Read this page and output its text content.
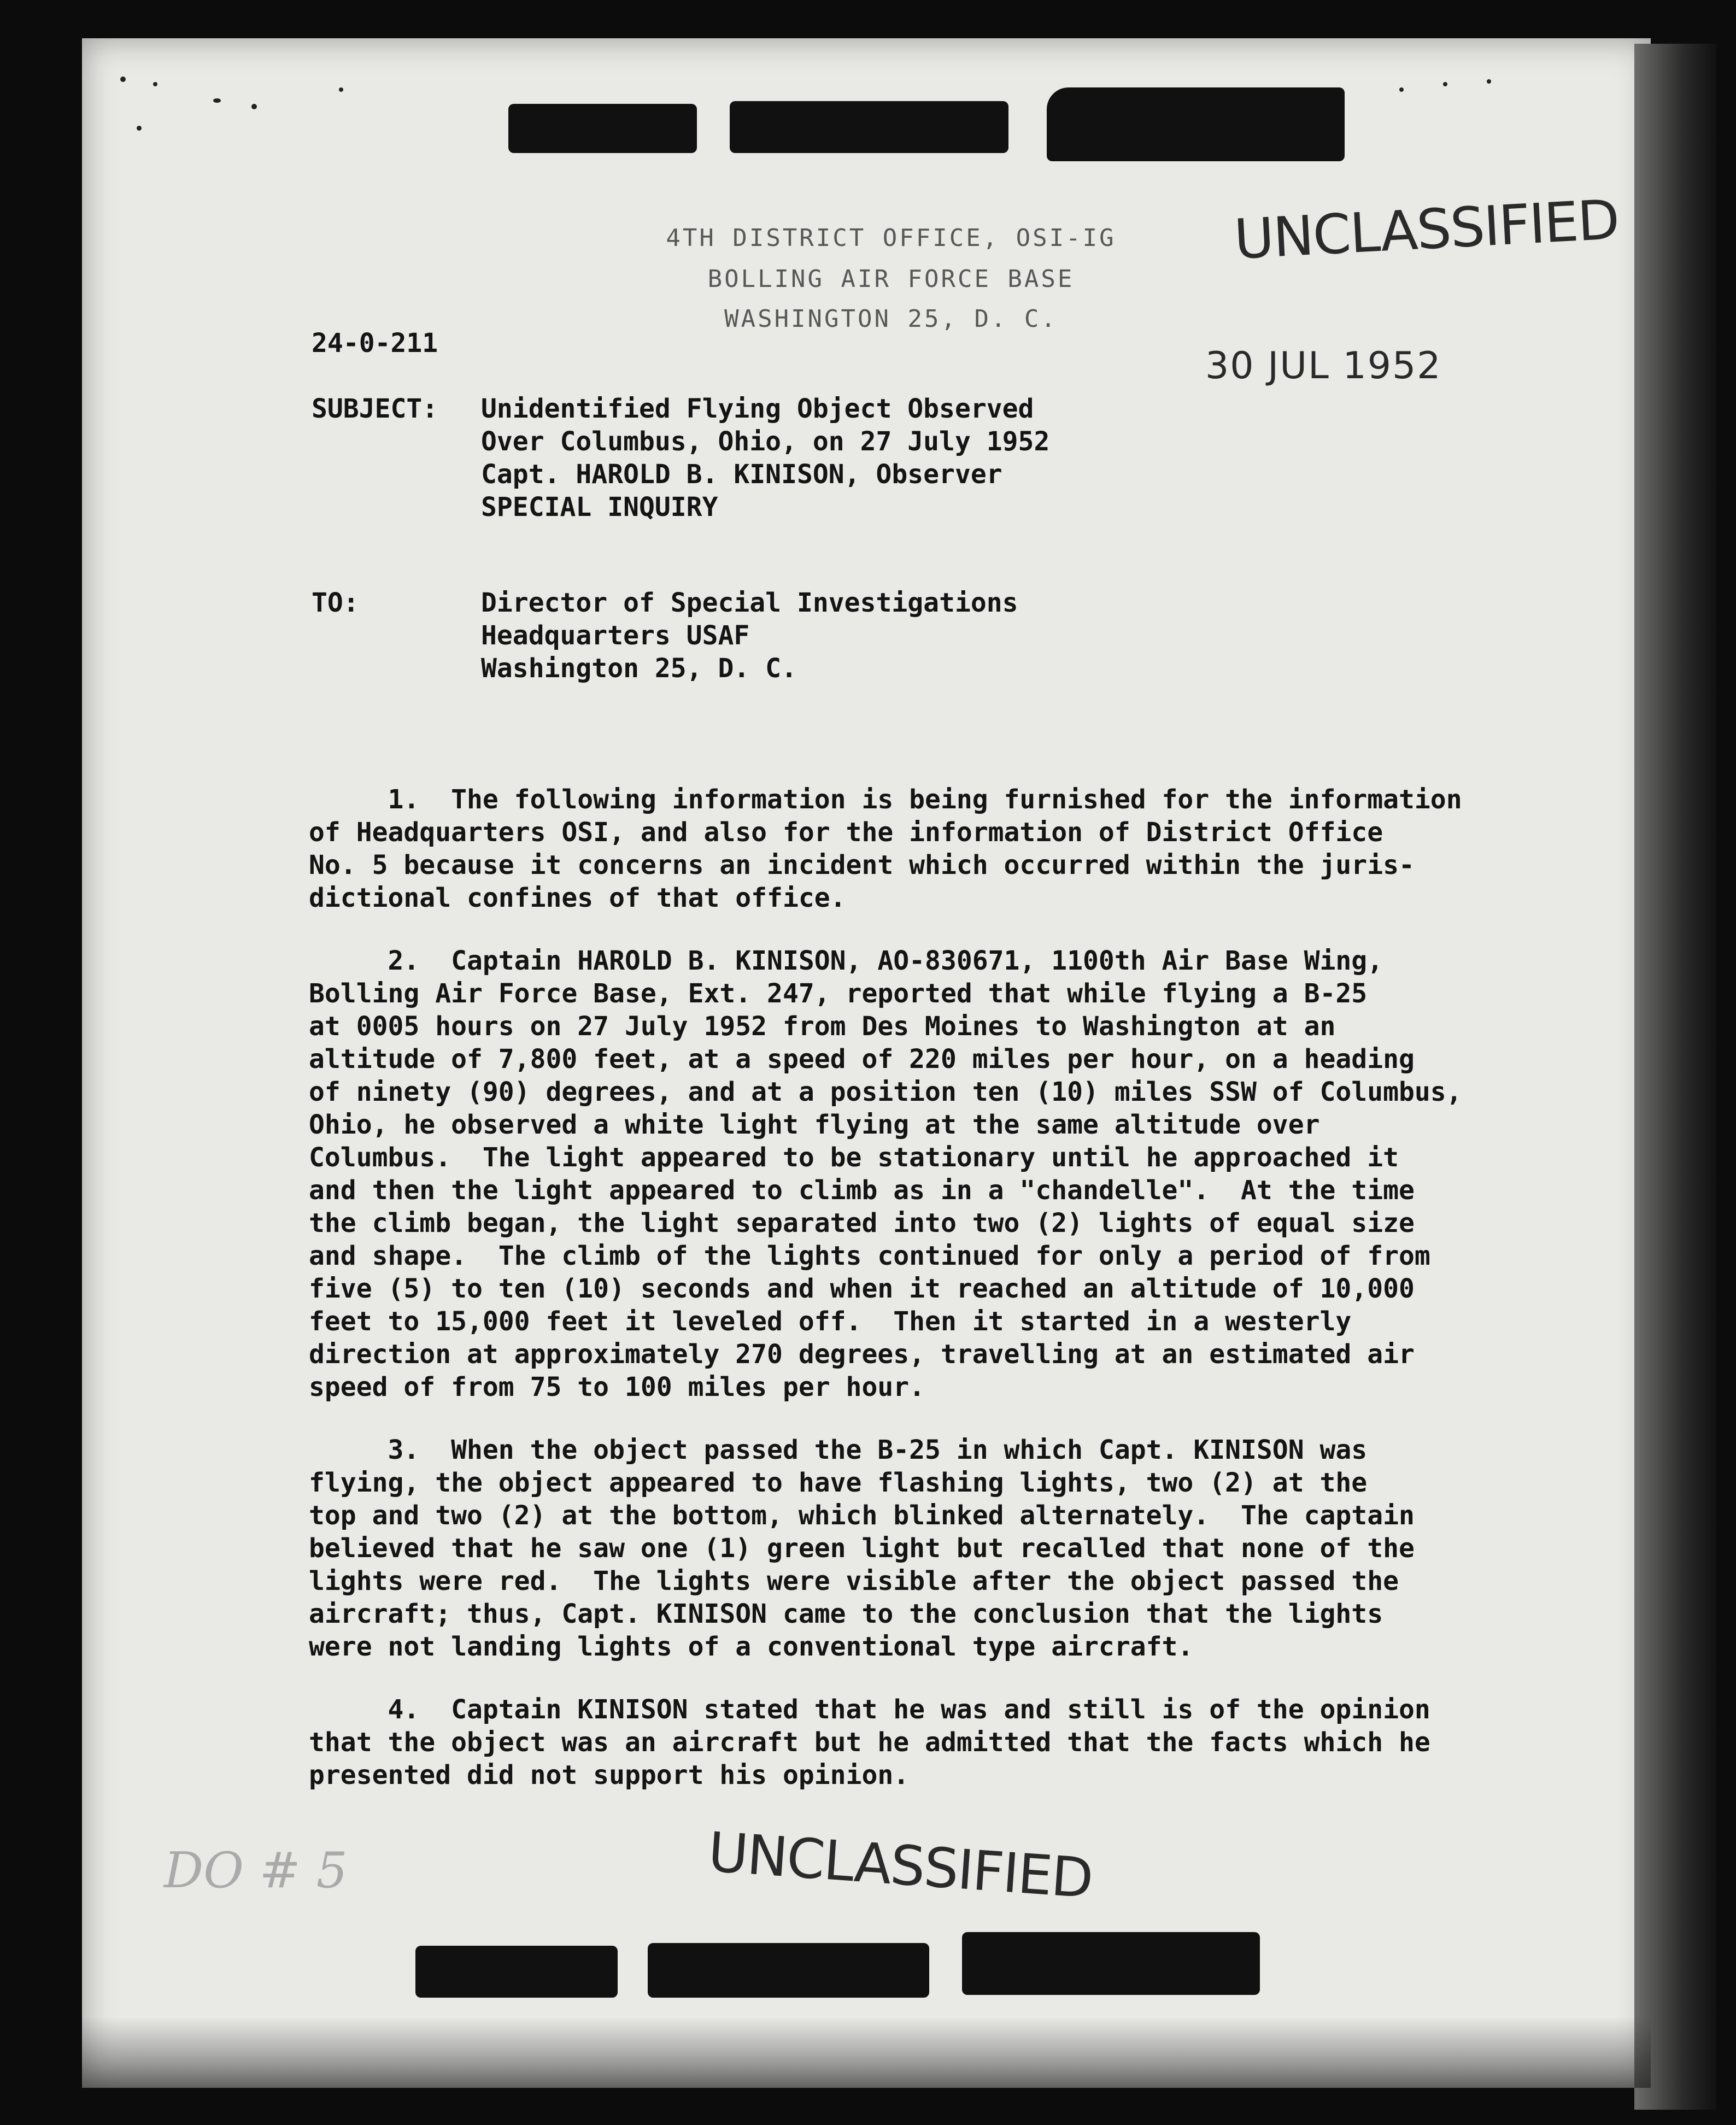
4TH DISTRICT OFFICE, OSI-IG
BOLLING AIR FORCE BASE
WASHINGTON 25, D. C.
UNCLASSIFIED
24-0-211
30 JUL 1952
SUBJECT: Unidentified Flying Object Observed
Over Columbus, Ohio, on 27 July 1952
Capt. HAROLD B. KINISON, Observer
SPECIAL INQUIRY
TO:	Director of Special Investigations
Headquarters USAF
Washington 25, D. C.
1.  The following information is being furnished for the information
of Headquarters OSI, and also for the information of District Office
No. 5 because it concerns an incident which occurred within the juris-
dictional confines of that office.
2.  Captain HAROLD B. KINISON, AO-830671, 1100th Air Base Wing,
Bolling Air Force Base, Ext. 247, reported that while flying a B-25
at 0005 hours on 27 July 1952 from Des Moines to Washington at an
altitude of 7,800 feet, at a speed of 220 miles per hour, on a heading
of ninety (90) degrees, and at a position ten (10) miles SSW of Columbus,
Ohio, he observed a white light flying at the same altitude over
Columbus.  The light appeared to be stationary until he approached it
and then the light appeared to climb as in a "chandelle".  At the time
the climb began, the light separated into two (2) lights of equal size
and shape.  The climb of the lights continued for only a period of from
five (5) to ten (10) seconds and when it reached an altitude of 10,000
feet to 15,000 feet it leveled off.  Then it started in a westerly
direction at approximately 270 degrees, travelling at an estimated air
speed of from 75 to 100 miles per hour.
3.  When the object passed the B-25 in which Capt. KINISON was
flying, the object appeared to have flashing lights, two (2) at the
top and two (2) at the bottom, which blinked alternately.  The captain
believed that he saw one (1) green light but recalled that none of the
lights were red.  The lights were visible after the object passed the
aircraft; thus, Capt. KINISON came to the conclusion that the lights
were not landing lights of a conventional type aircraft.
4.  Captain KINISON stated that he was and still is of the opinion
that the object was an aircraft but he admitted that the facts which he
presented did not support his opinion.
DO # 5	UNCLASSIFIED
